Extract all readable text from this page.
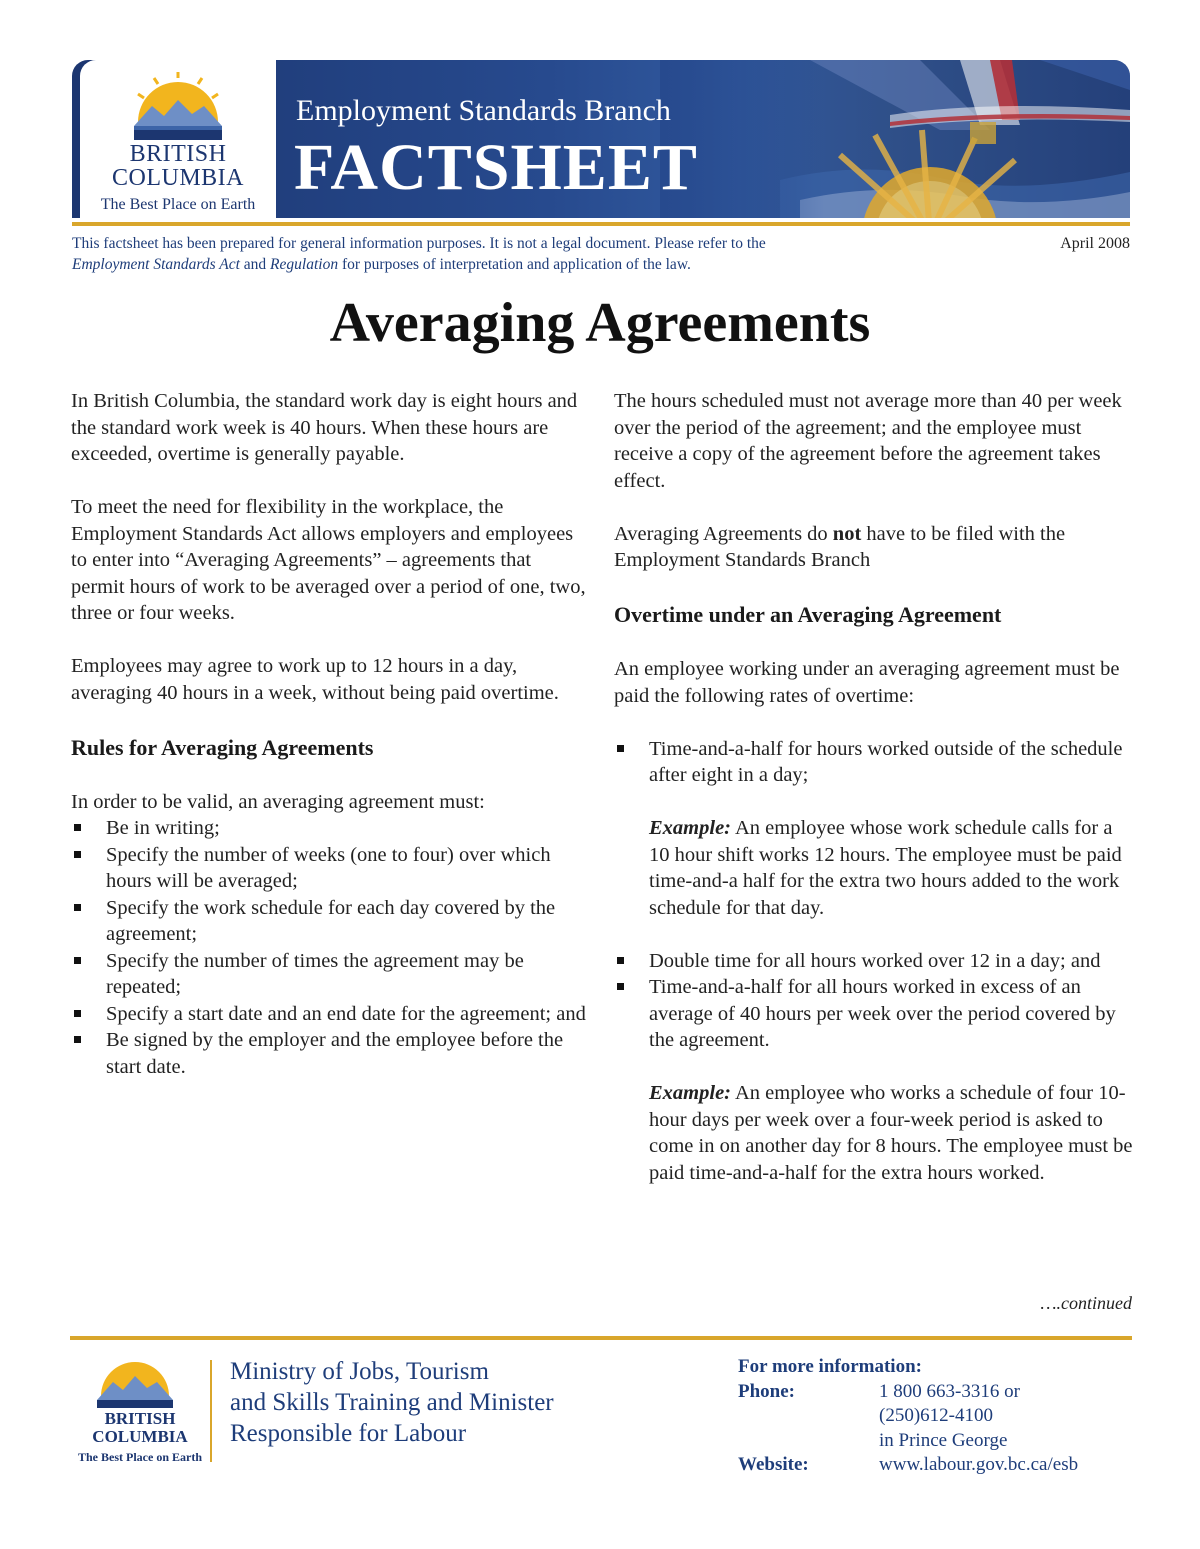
BRITISH
COLUMBIA
The Best Place on Earth
Employment Standards Branch
FACTSHEET
This factsheet has been prepared for general information purposes. It is not a legal document. Please refer to the
Employment Standards Act and Regulation for purposes of interpretation and application of the law.
April 2008
Averaging Agreements

In British Columbia, the standard work day is eight hours and the standard work week is 40 hours. When these hours are exceeded, overtime is generally payable.

To meet the need for flexibility in the workplace, the Employment Standards Act allows employers and employees to enter into “Averaging Agreements” – agreements that permit hours of work to be averaged over a period of one, two, three or four weeks.

Employees may agree to work up to 12 hours in a day, averaging 40 hours in a week, without being paid overtime.

Rules for Averaging Agreements

In order to be valid, an averaging agreement must:

Be in writing;
Specify the number of weeks (one to four) over which hours will be averaged;
Specify the work schedule for each day covered by the agreement;
Specify the number of times the agreement may be repeated;
Specify a start date and an end date for the agreement; and
Be signed by the employer and the employee before the start date.

The hours scheduled must not average more than 40 per week over the period of the agreement; and the employee must receive a copy of the agreement before the agreement takes effect.

Averaging Agreements do not have to be filed with the Employment Standards Branch

Overtime under an Averaging Agreement

An employee working under an averaging agreement must be paid the following rates of overtime:

Time-and-a-half for hours worked outside of the schedule after eight in a day;
Example: An employee whose work schedule calls for a 10 hour shift works 12 hours. The employee must be paid time-and-a half for the extra two hours added to the work schedule for that day.
Double time for all hours worked over 12 in a day; and
Time-and-a-half for all hours worked in excess of an average of 40 hours per week over the period covered by the agreement.
Example: An employee who works a schedule of four 10-hour days per week over a four-week period is asked to come in on another day for 8 hours. The employee must be paid time-and-a-half for the extra hours worked.
….continued
BRITISH
COLUMBIA
The Best Place on Earth
Ministry of Jobs, Tourism
and Skills Training and Minister
Responsible for Labour
For more information:
Phone:	1 800 663-3316 or
(250)612-4100
in Prince George
Website:	www.labour.gov.bc.ca/esb
